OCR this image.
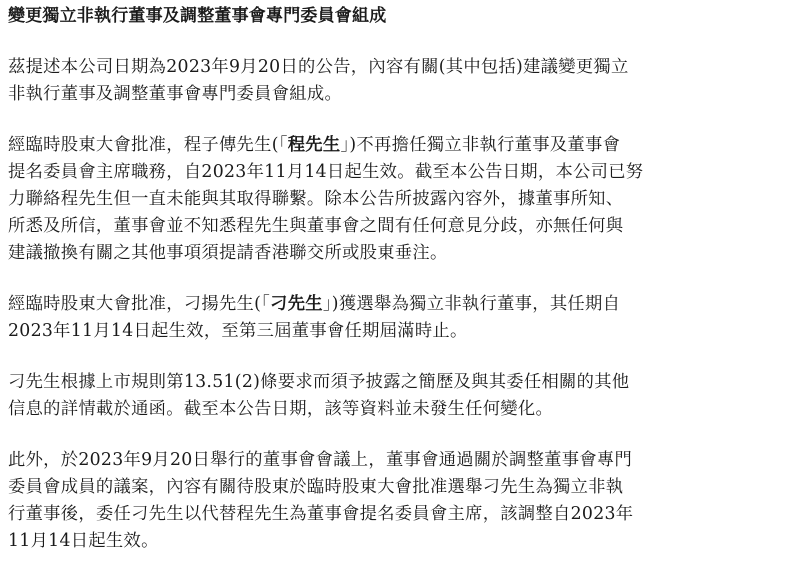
變更獨立非執行董事及調整董事會專門委員會組成

茲提述本公司日期為2023年9月20日的公告，內容有關(其中包括)建議變更獨立
非執行董事及調整董事會專門委員會組成。

經臨時股東大會批准，程子傳先生(「程先生」)不再擔任獨立非執行董事及董事會
提名委員會主席職務，自2023年11月14日起生效。截至本公告日期，本公司已努
力聯絡程先生但一直未能與其取得聯繫。除本公告所披露內容外，據董事所知、
所悉及所信，董事會並不知悉程先生與董事會之間有任何意見分歧，亦無任何與
建議撤換有關之其他事項須提請香港聯交所或股東垂注。

經臨時股東大會批准，刁揚先生(「刁先生」)獲選舉為獨立非執行董事，其任期自
2023年11月14日起生效，至第三屆董事會任期屆滿時止。

刁先生根據上市規則第13.51(2)條要求而須予披露之簡歷及與其委任相關的其他
信息的詳情載於通函。截至本公告日期，該等資料並未發生任何變化。

此外，於2023年9月20日舉行的董事會會議上，董事會通過關於調整董事會專門
委員會成員的議案，內容有關待股東於臨時股東大會批准選舉刁先生為獨立非執
行董事後，委任刁先生以代替程先生為董事會提名委員會主席，該調整自2023年
11月14日起生效。
